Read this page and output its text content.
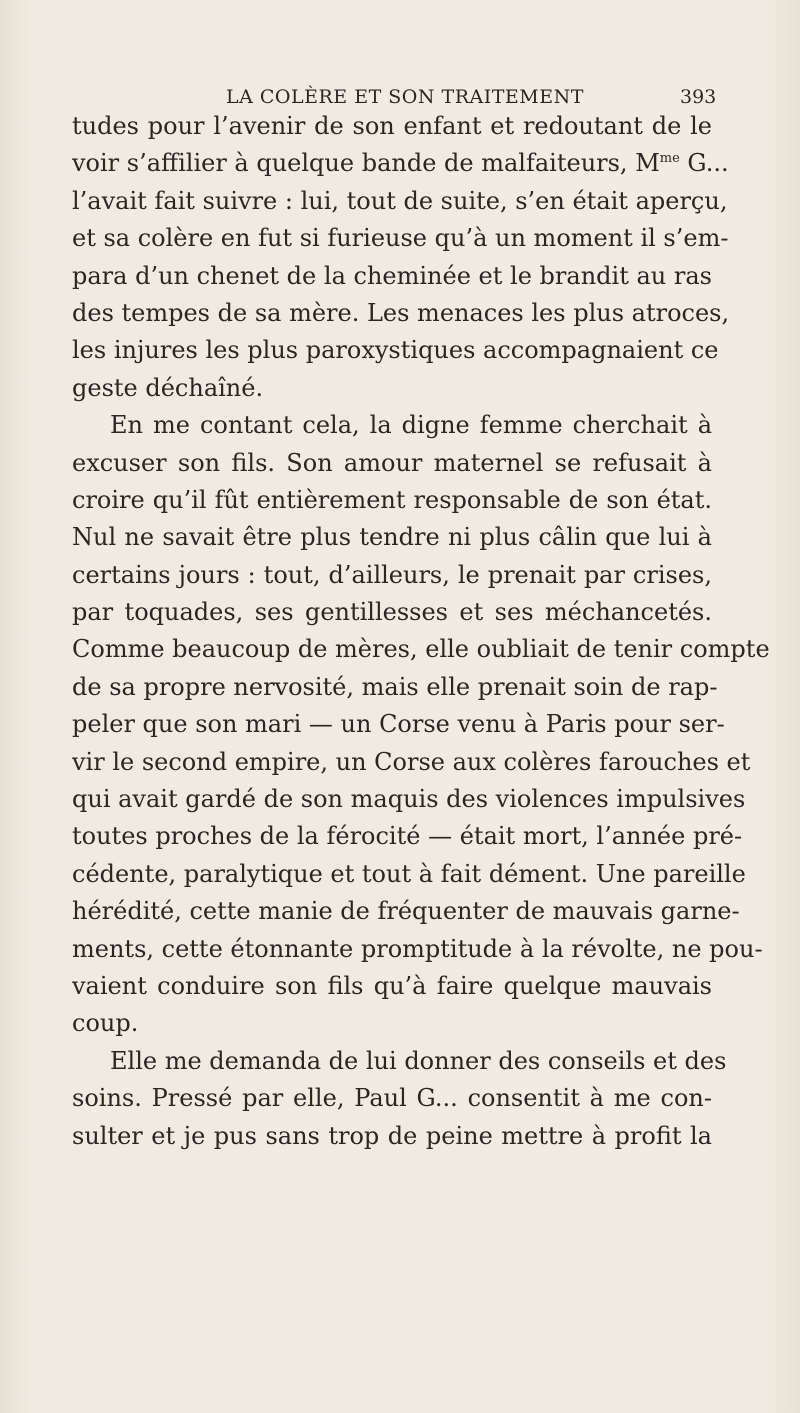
LA COLÈRE ET SON TRAITEMENT	393
tudes pour l’avenir de son enfant et redoutant de le
voir s’affilier à quelque bande de malfaiteurs, $M^{me}$ G...
l’avait fait suivre : lui, tout de suite, s’en était aperçu,
et sa colère en fut si furieuse qu’à un moment il s’em-
para d’un chenet de la cheminée et le brandit au ras
des tempes de sa mère. Les menaces les plus atroces,
les injures les plus paroxystiques accompagnaient ce
geste déchaîné.
En me contant cela, la digne femme cherchait à
excuser son fils. Son amour maternel se refusait à
croire qu’il fût entièrement responsable de son état.
Nul ne savait être plus tendre ni plus câlin que lui à
certains jours : tout, d’ailleurs, le prenait par crises,
par toquades, ses gentillesses et ses méchancetés.
Comme beaucoup de mères, elle oubliait de tenir compte
de sa propre nervosité, mais elle prenait soin de rap-
peler que son mari — un Corse venu à Paris pour ser-
vir le second empire, un Corse aux colères farouches et
qui avait gardé de son maquis des violences impulsives
toutes proches de la férocité — était mort, l’année pré-
cédente, paralytique et tout à fait dément. Une pareille
hérédité, cette manie de fréquenter de mauvais garne-
ments, cette étonnante promptitude à la révolte, ne pou-
vaient conduire son fils qu’à faire quelque mauvais
coup.
Elle me demanda de lui donner des conseils et des
soins. Pressé par elle, Paul G... consentit à me con-
sulter et je pus sans trop de peine mettre à profit la
